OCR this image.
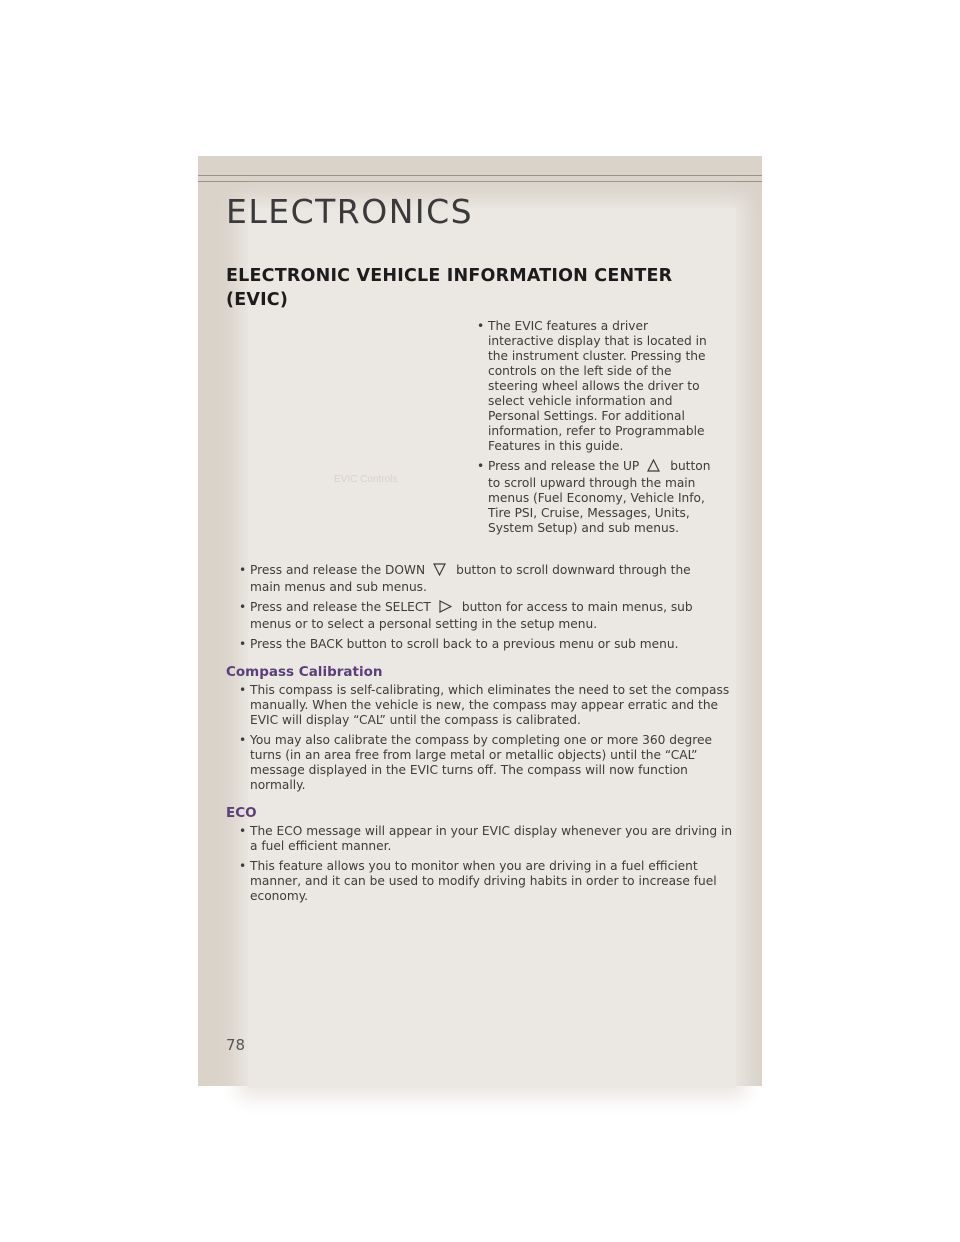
ELECTRONICS
ELECTRONIC VEHICLE INFORMATION CENTER (EVIC)
EVIC Controls
• The EVIC features a driver interactive display that is located in the instrument cluster. Pressing the controls on the left side of the steering wheel allows the driver to select vehicle information and Personal Settings. For additional information, refer to Programmable Features in this guide.
• Press and release the UP	button to scroll upward through the main menus (Fuel Economy, Vehicle Info, Tire PSI, Cruise, Messages, Units, System Setup) and sub menus.
• Press and release the DOWN	button to scroll downward through the main menus and sub menus.
• Press and release the SELECT	button for access to main menus, sub menus or to select a personal setting in the setup menu.
• Press the BACK button to scroll back to a previous menu or sub menu.
Compass Calibration
• This compass is self-calibrating, which eliminates the need to set the compass manually. When the vehicle is new, the compass may appear erratic and the EVIC will display “CAL” until the compass is calibrated.
• You may also calibrate the compass by completing one or more 360 degree turns (in an area free from large metal or metallic objects) until the “CAL” message displayed in the EVIC turns off. The compass will now function normally.
ECO
• The ECO message will appear in your EVIC display whenever you are driving in a fuel efficient manner.
• This feature allows you to monitor when you are driving in a fuel efficient manner, and it can be used to modify driving habits in order to increase fuel economy.
78
